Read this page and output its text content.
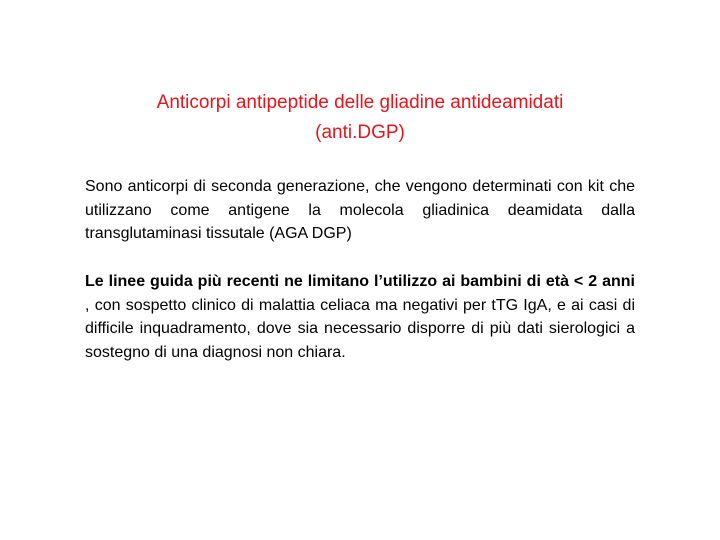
Anticorpi antipeptide delle gliadine antideamidati
(anti.DGP)

Sono anticorpi di seconda generazione, che vengono determinati con kit che utilizzano come antigene la molecola gliadinica deamidata dalla transglutaminasi tissutale (AGA DGP)

Le linee guida più recenti ne limitano l’utilizzo ai bambini di età < 2 anni , con sospetto clinico di malattia celiaca ma negativi per tTG IgA, e ai casi di difficile inquadramento, dove sia necessario disporre di più dati sierologici a sostegno di una diagnosi non chiara.
